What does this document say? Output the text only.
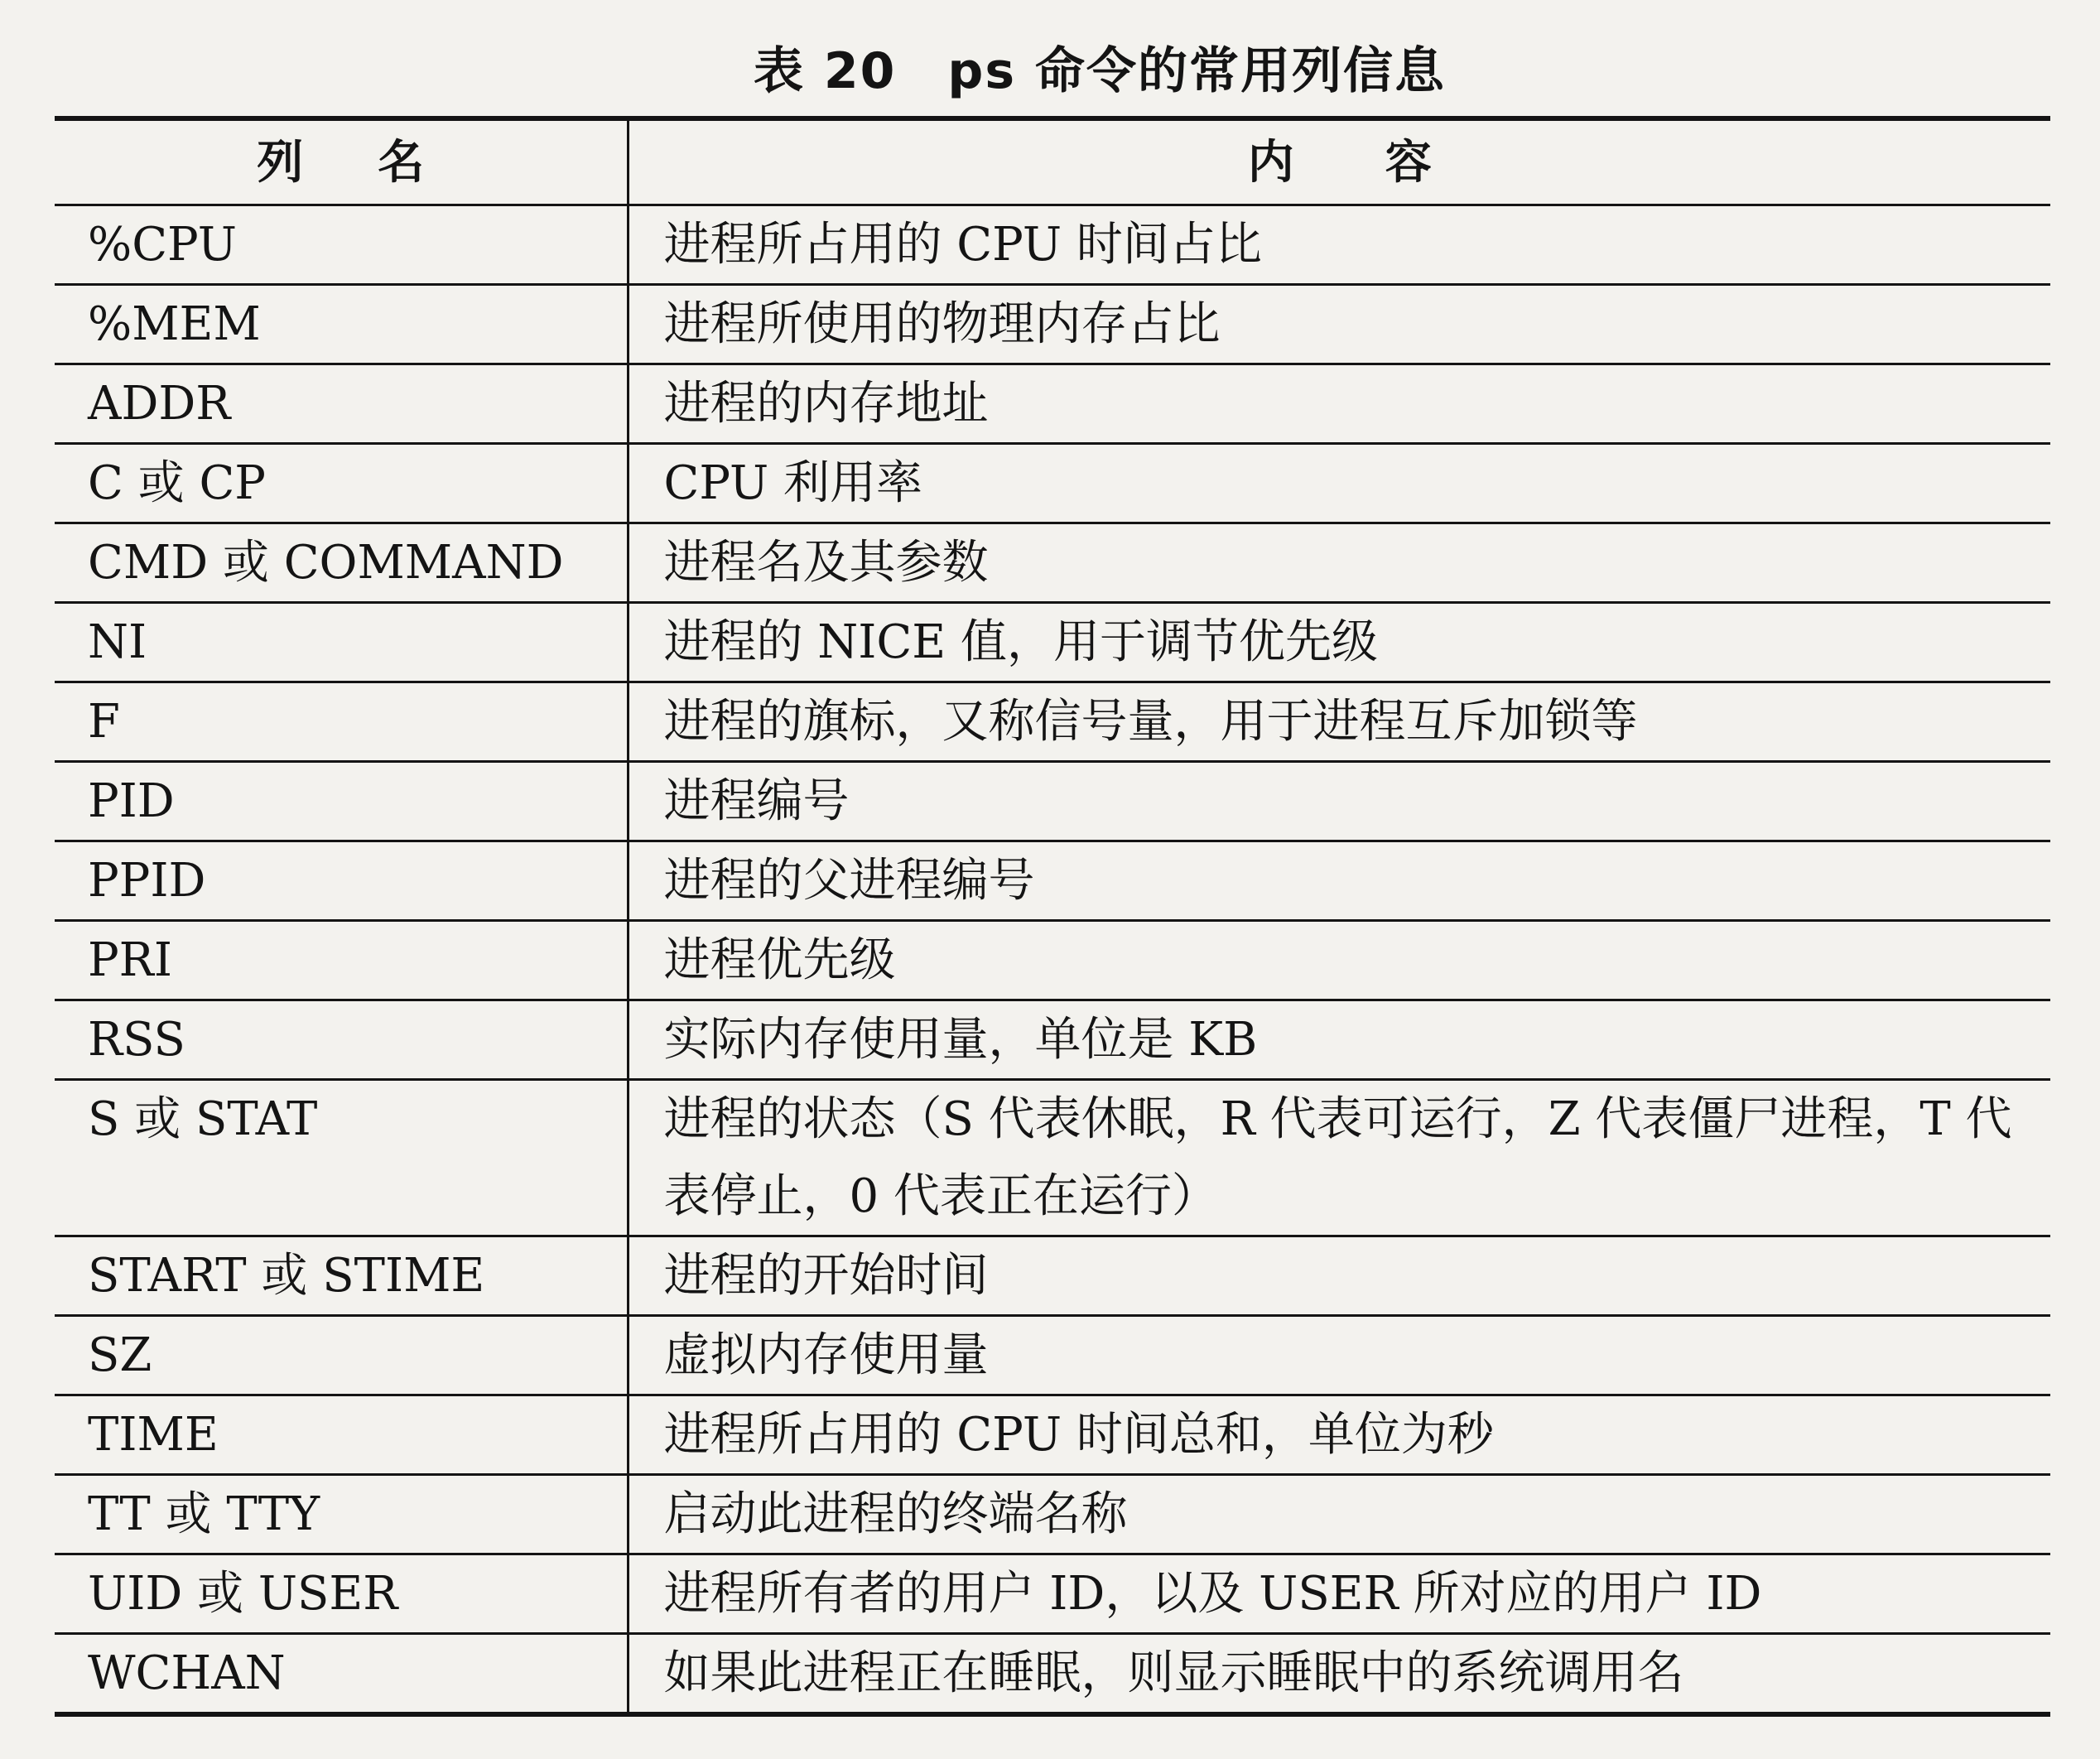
表 20　ps 命令的常用列信息
列名	内容
%CPU	进程所占用的 CPU 时间占比
%MEM	进程所使用的物理内存占比
ADDR	进程的内存地址
C 或 CP	CPU 利用率
CMD 或 COMMAND	进程名及其参数
NI	进程的 NICE 值，用于调节优先级
F	进程的旗标，又称信号量，用于进程互斥加锁等
PID	进程编号
PPID	进程的父进程编号
PRI	进程优先级
RSS	实际内存使用量，单位是 KB
S 或 STAT	进程的状态（S 代表休眠，R 代表可运行，Z 代表僵尸进程，T 代表停止，0 代表正在运行）
START 或 STIME	进程的开始时间
SZ	虚拟内存使用量
TIME	进程所占用的 CPU 时间总和，单位为秒
TT 或 TTY	启动此进程的终端名称
UID 或 USER	进程所有者的用户 ID，以及 USER 所对应的用户 ID
WCHAN	如果此进程正在睡眠，则显示睡眠中的系统调用名
